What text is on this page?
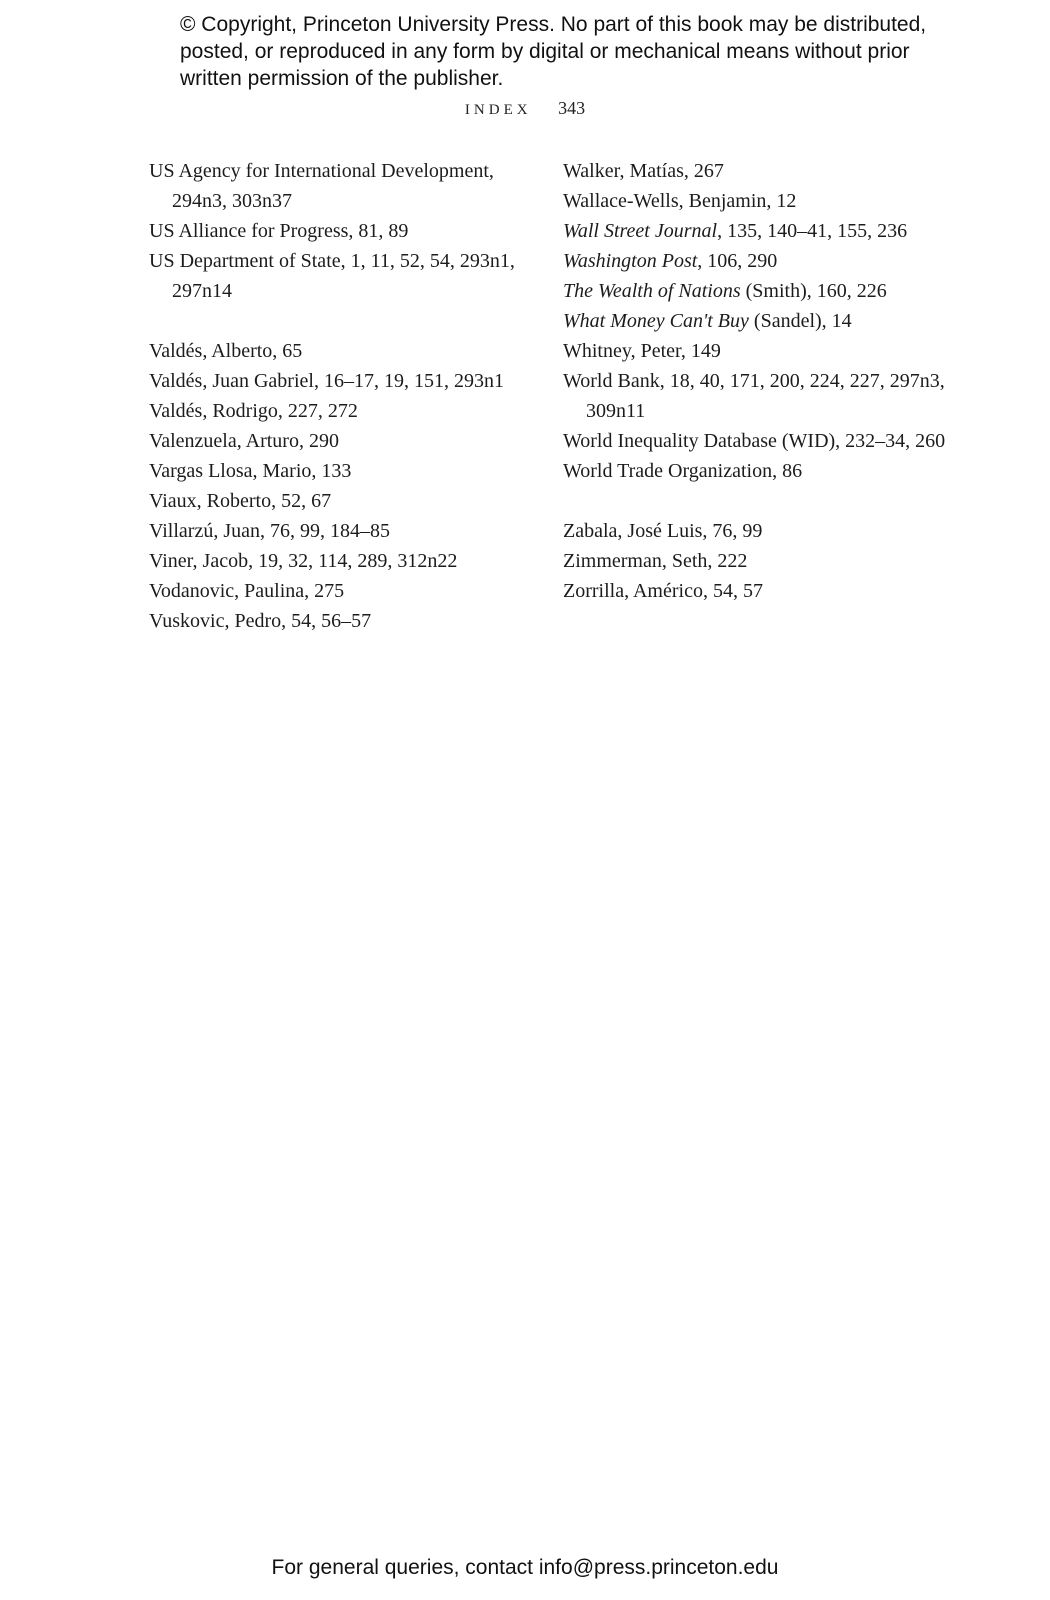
© Copyright, Princeton University Press. No part of this book may be distributed, posted, or reproduced in any form by digital or mechanical means without prior written permission of the publisher.

INDEX 343

US Agency for International Development, 294n3, 303n37

US Alliance for Progress, 81, 89

US Department of State, 1, 11, 52, 54, 293n1, 297n14

Valdés, Alberto, 65

Valdés, Juan Gabriel, 16–17, 19, 151, 293n1

Valdés, Rodrigo, 227, 272

Valenzuela, Arturo, 290

Vargas Llosa, Mario, 133

Viaux, Roberto, 52, 67

Villarzú, Juan, 76, 99, 184–85

Viner, Jacob, 19, 32, 114, 289, 312n22

Vodanovic, Paulina, 275

Vuskovic, Pedro, 54, 56–57

Walker, Matías, 267

Wallace-Wells, Benjamin, 12

Wall Street Journal, 135, 140–41, 155, 236

Washington Post, 106, 290

The Wealth of Nations (Smith), 160, 226

What Money Can't Buy (Sandel), 14

Whitney, Peter, 149

World Bank, 18, 40, 171, 200, 224, 227, 297n3, 309n11

World Inequality Database (WID), 232–34, 260

World Trade Organization, 86

Zabala, José Luis, 76, 99

Zimmerman, Seth, 222

Zorrilla, Américo, 54, 57

For general queries, contact info@press.princeton.edu
